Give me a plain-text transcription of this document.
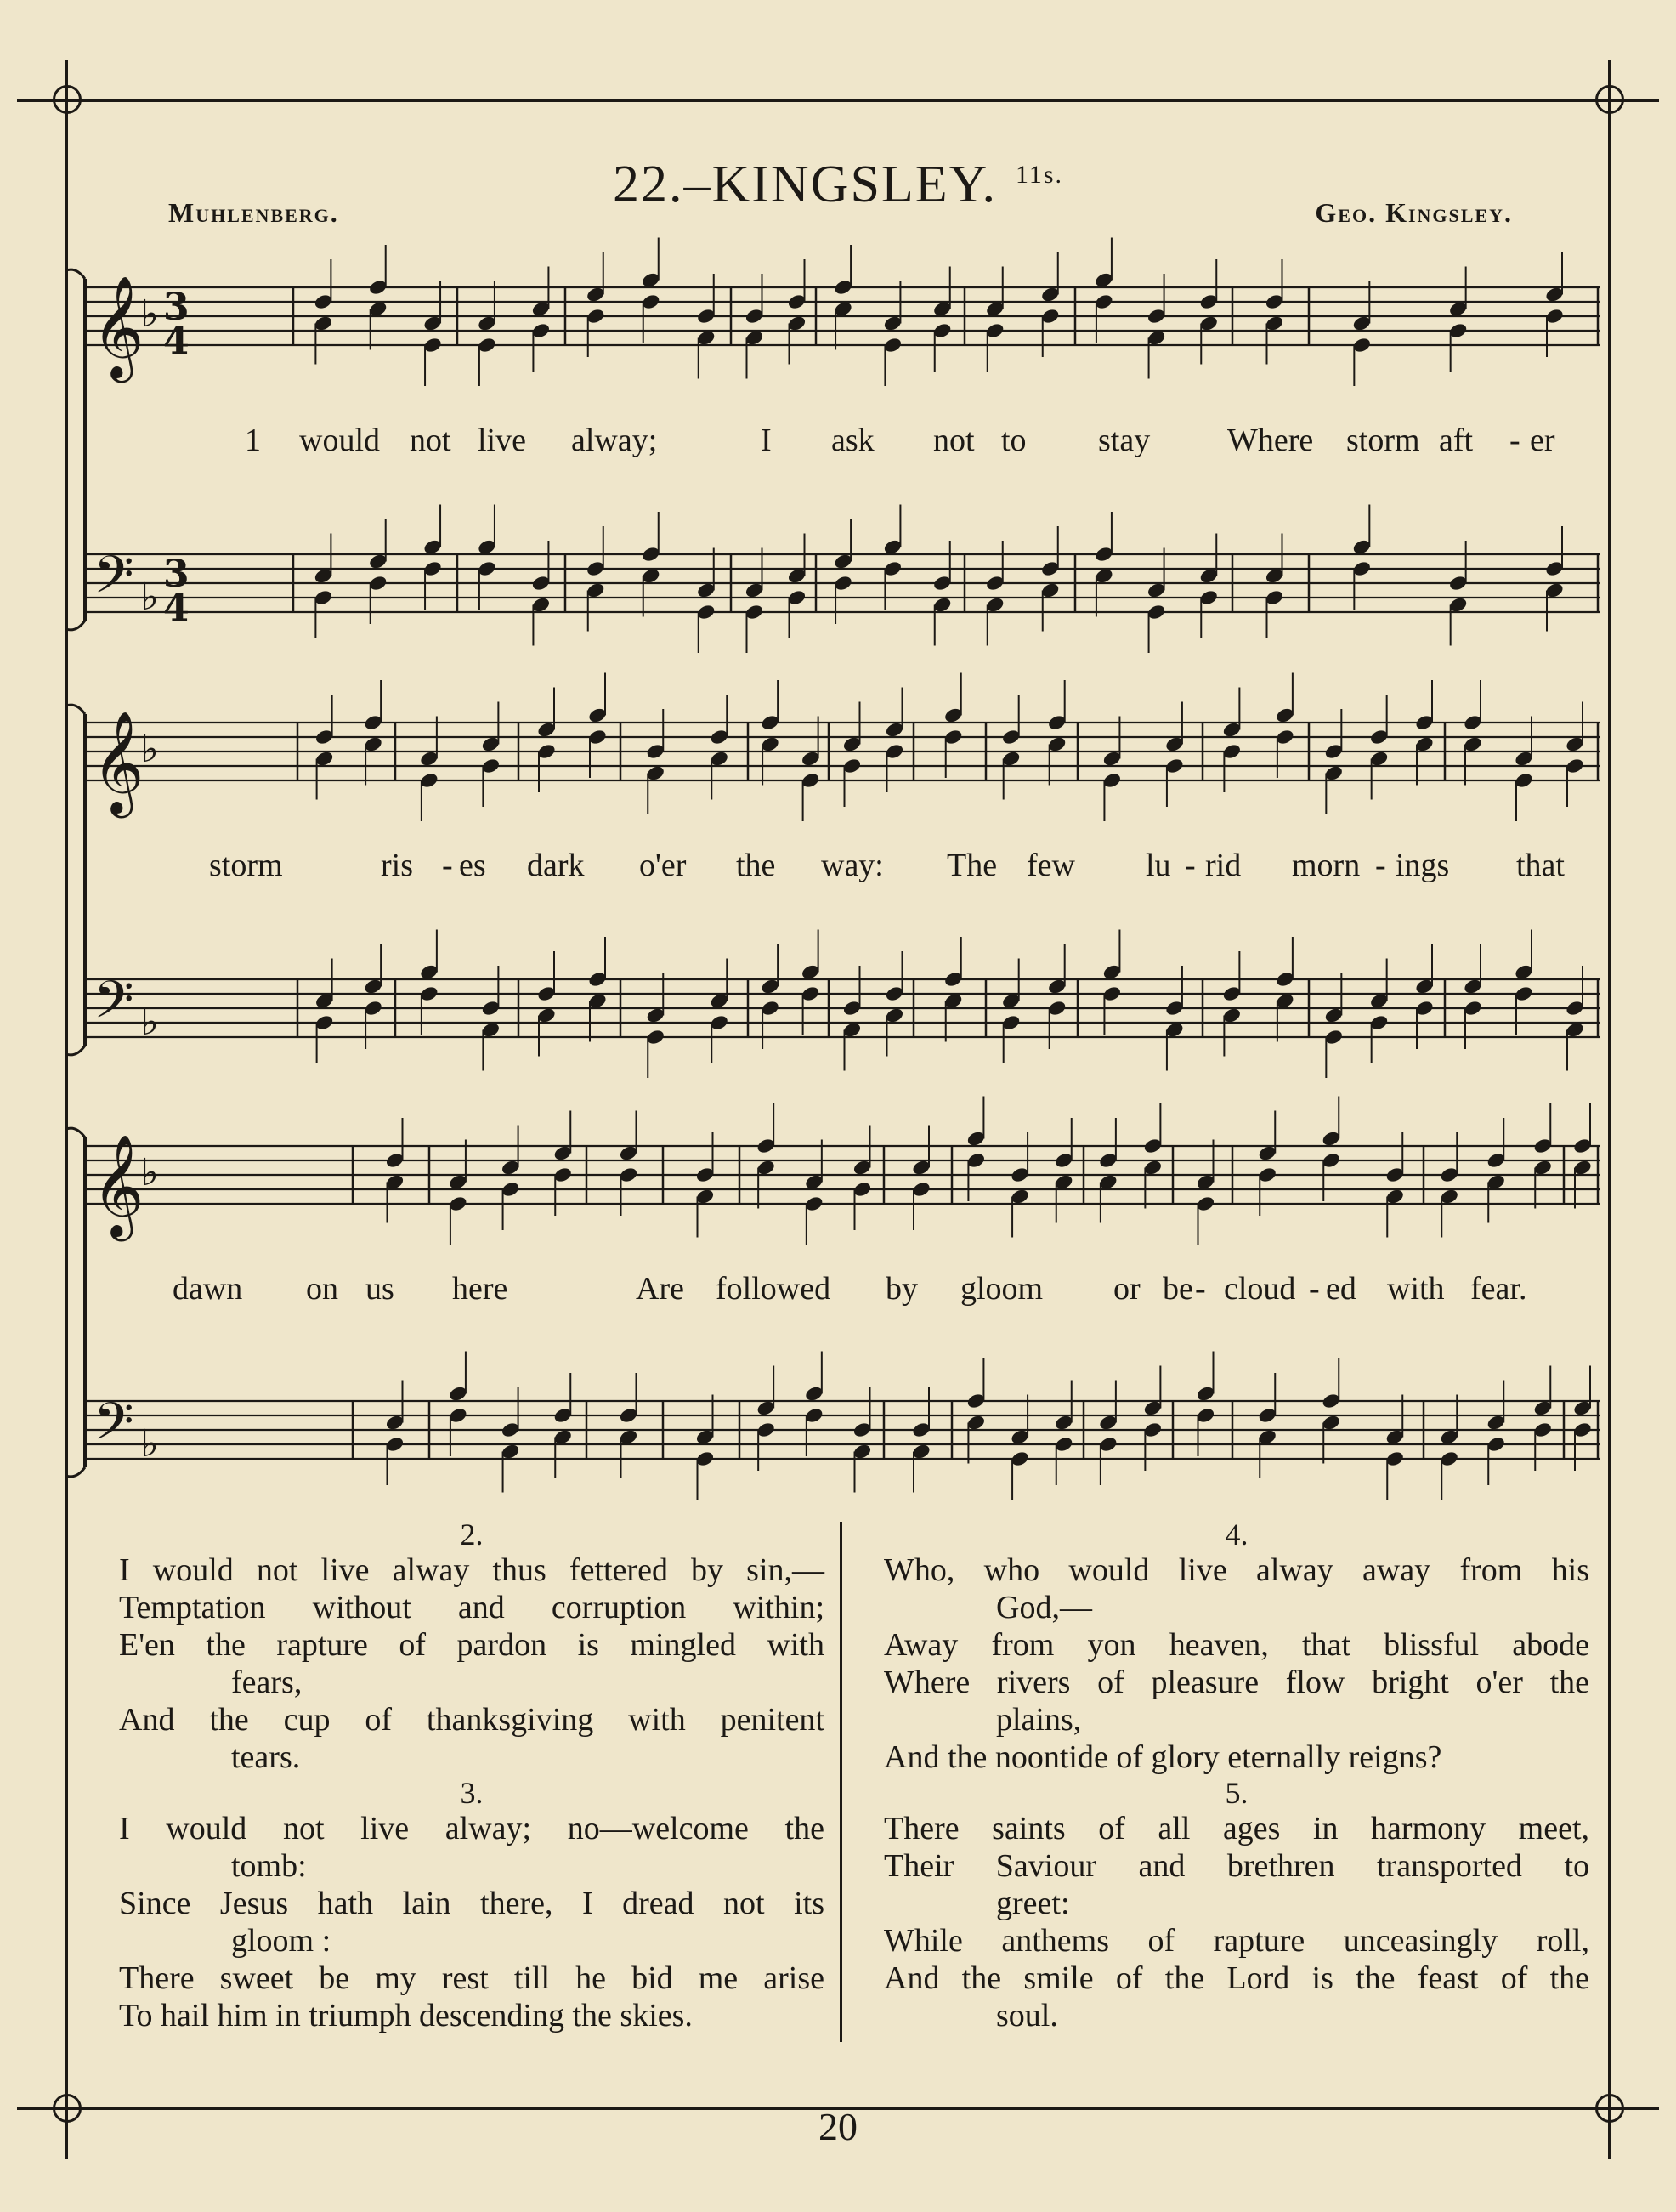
22.–KINGSLEY. $^{11s.}$
Muhlenberg.	Geo. Kingsley.
𝄞
𝄢
♭
♭
3
4
3
4
𝄞
𝄢
♭
♭
𝄞
𝄢
♭
♭
1 would not live alway;	I ask not to stay Where storm aft - er
storm	ris - es dark o'er the way: The few lu - rid morn - ings that
dawn on us here	Are followed by gloom or be - cloud - ed with fear.
2.
I would not live alway thus fettered by sin,—
Temptation without and corruption within;
E'en the rapture of pardon is mingled with
fears,
And the cup of thanksgiving with penitent
tears.
3.
I would not live alway; no—welcome the
tomb:
Since Jesus hath lain there, I dread not its
gloom :
There sweet be my rest till he bid me arise
To hail him in triumph descending the skies.
4.
Who, who would live alway away from his
God,—
Away from yon heaven, that blissful abode
Where rivers of pleasure flow bright o'er the
plains,
And the noontide of glory eternally reigns?
5.
There saints of all ages in harmony meet,
Their Saviour and brethren transported to
greet:
While anthems of rapture unceasingly roll,
And the smile of the Lord is the feast of the
soul.
20
